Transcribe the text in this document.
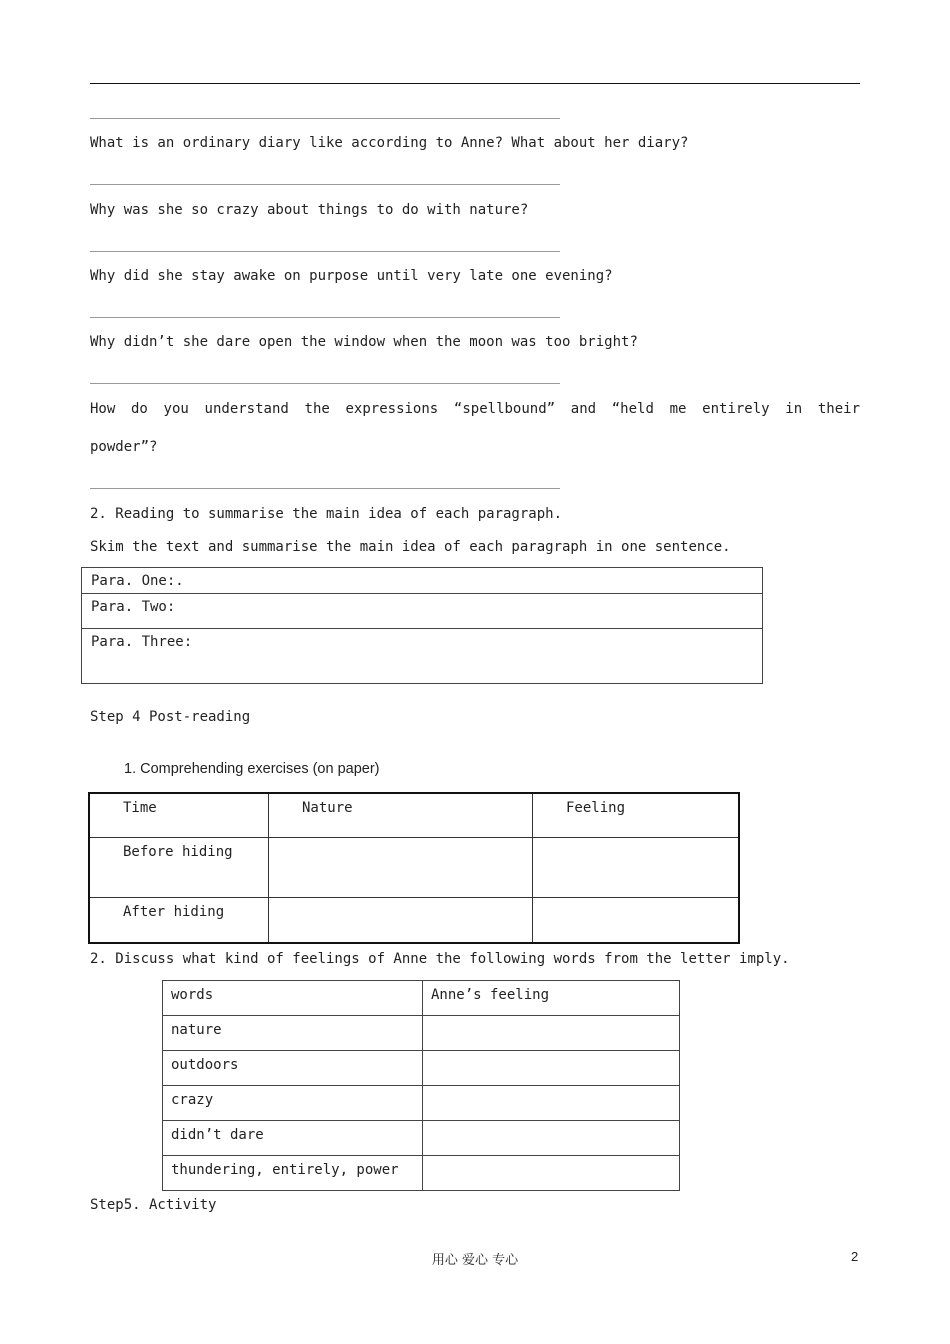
What is an ordinary diary like according to Anne? What about her diary?
Why was she so crazy about things to do with nature?
Why did she stay awake on purpose until very late one evening?
Why didn’t she dare open the window when the moon was too bright?
How do you understand the expressions “spellbound” and “held me entirely in their
powder”?
2. Reading to summarise the main idea of each paragraph.
Skim the text and summarise the main idea of each paragraph in one sentence.
Para. One:.
Para. Two:
Para. Three:
Step 4 Post-reading
1. Comprehending exercises (on paper)
Time	Nature	Feeling
Before hiding		
After hiding		
2. Discuss what kind of feelings of Anne the following words from the letter imply.
words	Anne’s feeling
nature	
outdoors	
crazy	
didn’t dare	
thundering, entirely, power	
Step5. Activity
用心 爱心 专心	2
